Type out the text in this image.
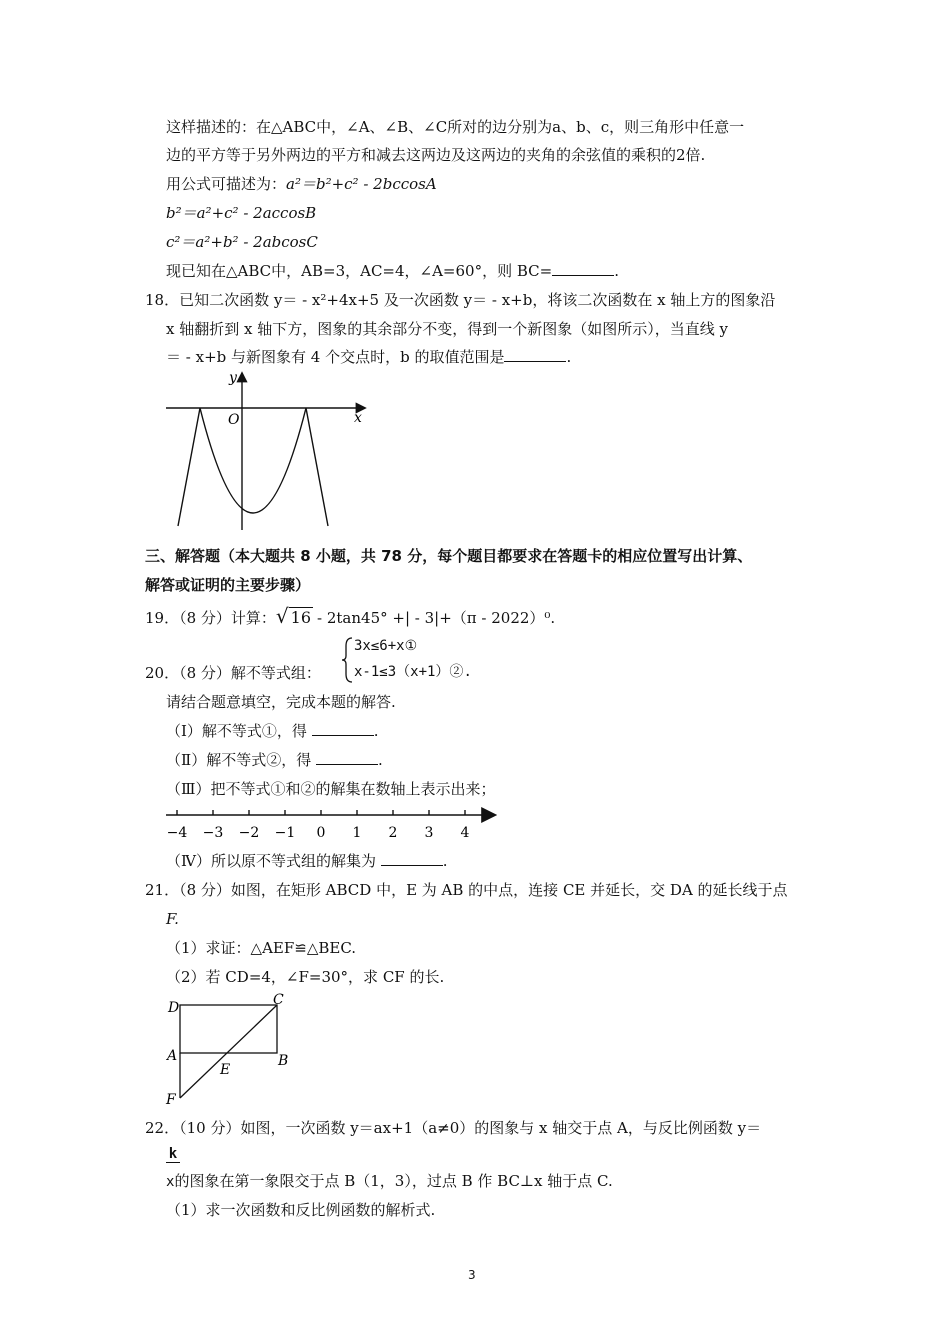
这样描述的：在△ABC中，∠A、∠B、∠C所对的边分别为a、b、c，则三角形中任意一
边的平方等于另外两边的平方和减去这两边及这两边的夹角的余弦值的乘积的2倍.
用公式可描述为：a²＝b²+c² - 2bccosA
b²＝a²+c² - 2accosB
c²＝a²+b² - 2abcosC
现已知在△ABC中，AB=3，AC=4，∠A=60°，则 BC=	.
18．已知二次函数 y＝ - x²+4x+5 及一次函数 y＝ - x+b，将该二次函数在 x 轴上方的图象沿
x 轴翻折到 x 轴下方，图象的其余部分不变，得到一个新图象（如图所示），当直线 y
＝ - x+b 与新图象有 4 个交点时，b 的取值范围是	.
y
x
O
三、解答题（本大题共 8 小题，共 78 分，每个题目都要求在答题卡的相应位置写出计算、
解答或证明的主要步骤）
19．（8 分）计算：√ 16 - 2tan45° +| - 3|+（π - 2022）⁰.
20．（8 分）解不等式组：
3x≤6+x①
x-1≤3（x+1）②.
请结合题意填空，完成本题的解答.
（Ⅰ）解不等式①，得	.
（Ⅱ）解不等式②，得	.
（Ⅲ）把不等式①和②的解集在数轴上表示出来；
−4 −3 −2 −1 0 1 2 3 4
（Ⅳ）所以原不等式组的解集为	.
21．（8 分）如图，在矩形 ABCD 中，E 为 AB 的中点，连接 CE 并延长，交 DA 的延长线于点
F.
（1）求证：△AEF≌△BEC.
（2）若 CD=4，∠F=30°，求 CF 的长.
D	C
A	B
E
F
22．（10 分）如图，一次函数 y＝ax+1（a≠0）的图象与 x 轴交于点 A，与反比例函数 y＝
k
x的图象在第一象限交于点 B（1，3），过点 B 作 BC⊥x 轴于点 C.
（1）求一次函数和反比例函数的解析式.
3
